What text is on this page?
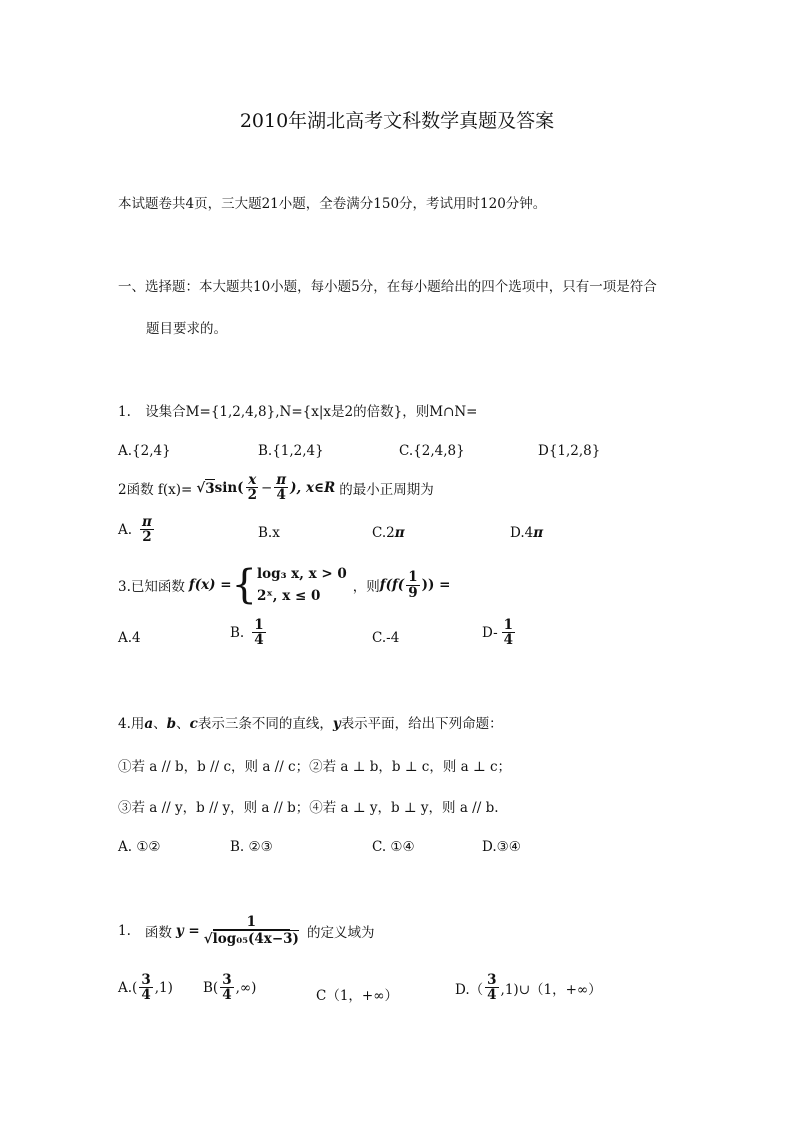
2010年湖北高考文科数学真题及答案
本试题卷共4页，三大题21小题，全卷满分150分，考试用时120分钟。
一、选择题：本大题共10小题，每小题5分，在每小题给出的四个选项中，只有一项是符合
题目要求的。
1. 设集合M={1,2,4,8},N={x|x是2的倍数}，则M∩N=
A.{2,4}	B.{1,2,4}	C.{2,4,8}	D{1,2,8}
2函数 f(x)= √ 3 $\sin( \frac{x}{2} - \frac{\pi}{4}$ ), x∈R 的最小正周期为
A. $\frac{\pi}{2}$	B.x	C.2π	D.4π
3.已知函数 f(x) = { log₃ x, x > 0
2ˣ, x ≤ 0
，则 $f(f( \frac{1}{9}$ )) =
A.4	B. $\frac{1}{4}$	C.-4	$D- \frac{1}{4}$
4.用a、b、c表示三条不同的直线，y表示平面，给出下列命题：
①若 a // b，b // c，则 a // c；②若 a ⊥ b，b ⊥ c，则 a ⊥ c；
③若 a // y，b // y，则 a // b；④若 a ⊥ y，b ⊥ y，则 a // b.
A. ①②	B. ②③	C. ①④	D.③④
1. 函数 $y = \frac{1}{\text{√log₀₅(4x−3)}}$ 的定义域为
$A.( \frac{3}{4} ,1)$ $B( \frac{3}{4}$ ,∞)
C（1，+∞）	$D.( \frac{3}{4}$ ,1)∪（1，+∞）
